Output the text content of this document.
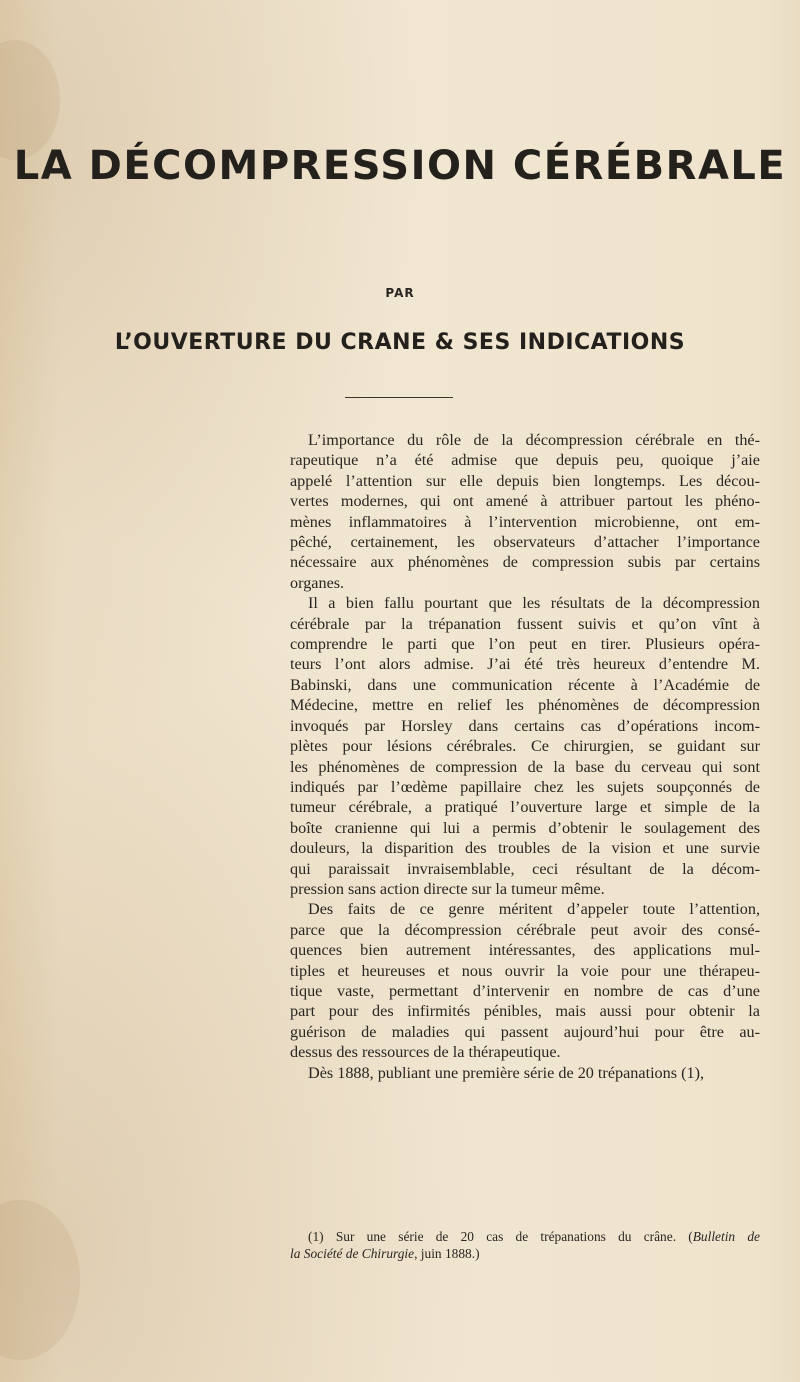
LA DÉCOMPRESSION CÉRÉBRALE
PAR
L’OUVERTURE DU CRANE & SES INDICATIONS
L’importance du rôle de la décompression cérébrale en thé-
rapeutique n’a été admise que depuis peu, quoique j’aie
appelé l’attention sur elle depuis bien longtemps. Les décou-
vertes modernes, qui ont amené à attribuer partout les phéno-
mènes inflammatoires à l’intervention microbienne, ont em-
pêché, certainement, les observateurs d’attacher l’importance
nécessaire aux phénomènes de compression subis par certains
organes.
Il a bien fallu pourtant que les résultats de la décompression
cérébrale par la trépanation fussent suivis et qu’on vînt à
comprendre le parti que l’on peut en tirer. Plusieurs opéra-
teurs l’ont alors admise. J’ai été très heureux d’entendre M.
Babinski, dans une communication récente à l’Académie de
Médecine, mettre en relief les phénomènes de décompression
invoqués par Horsley dans certains cas d’opérations incom-
plètes pour lésions cérébrales. Ce chirurgien, se guidant sur
les phénomènes de compression de la base du cerveau qui sont
indiqués par l’œdème papillaire chez les sujets soupçonnés de
tumeur cérébrale, a pratiqué l’ouverture large et simple de la
boîte cranienne qui lui a permis d’obtenir le soulagement des
douleurs, la disparition des troubles de la vision et une survie
qui paraissait invraisemblable, ceci résultant de la décom-
pression sans action directe sur la tumeur même.
Des faits de ce genre méritent d’appeler toute l’attention,
parce que la décompression cérébrale peut avoir des consé-
quences bien autrement intéressantes, des applications mul-
tiples et heureuses et nous ouvrir la voie pour une thérapeu-
tique vaste, permettant d’intervenir en nombre de cas d’une
part pour des infirmités pénibles, mais aussi pour obtenir la
guérison de maladies qui passent aujourd’hui pour être au-
dessus des ressources de la thérapeutique.
Dès 1888, publiant une première série de 20 trépanations (1),
(1) Sur une série de 20 cas de trépanations du crâne. (Bulletin de
la Société de Chirurgie, juin 1888.)
